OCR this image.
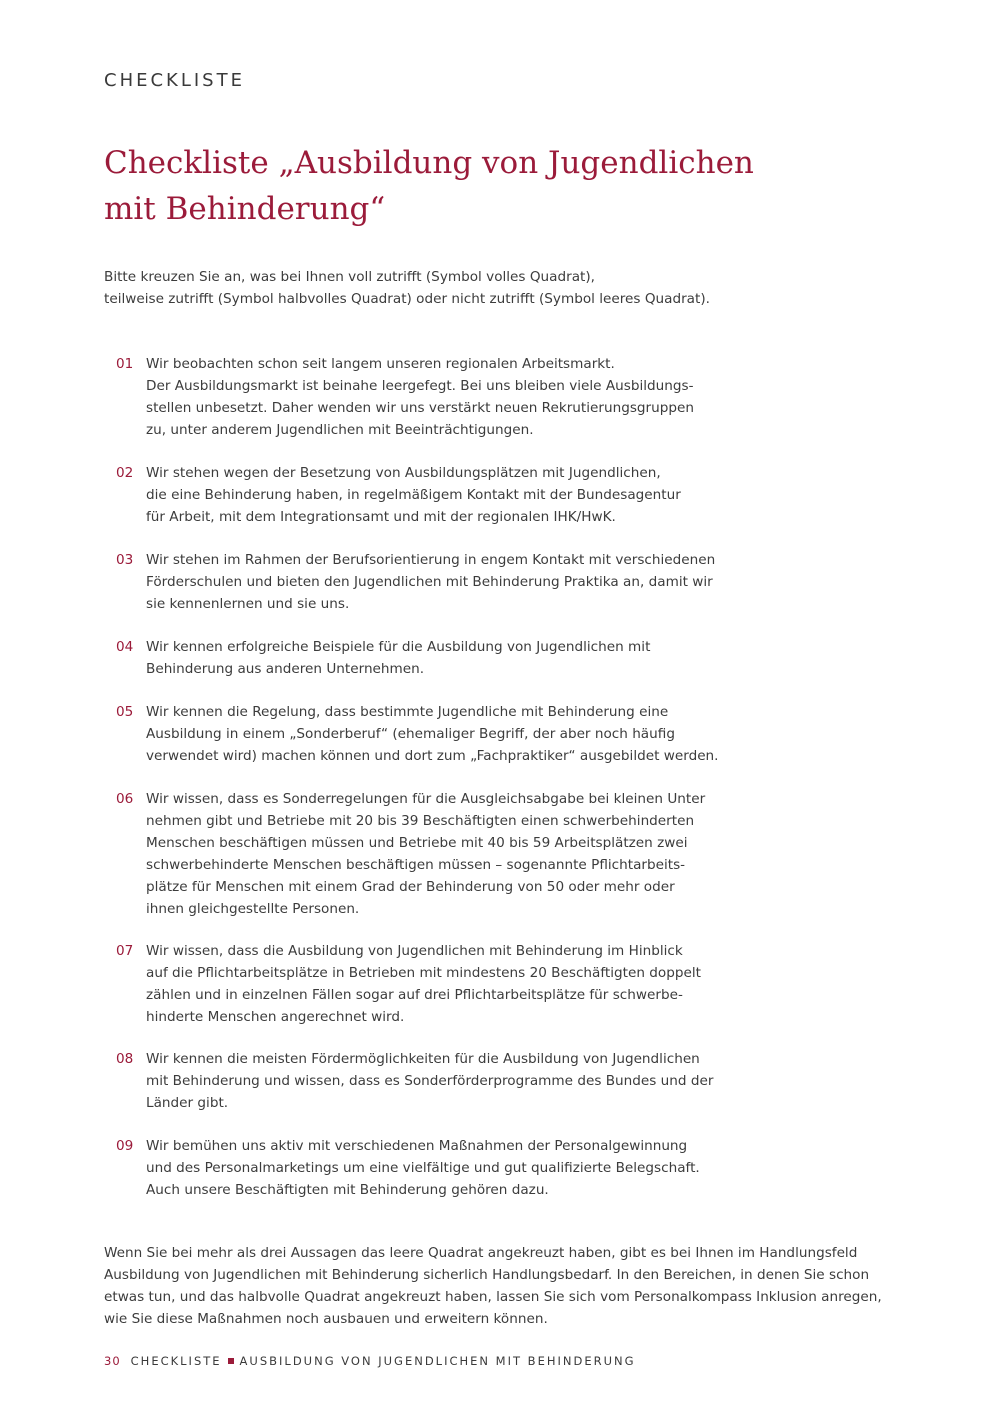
CHECKLISTE
Checkliste „Ausbildung von Jugendlichen
mit Behinderung“

Bitte kreuzen Sie an, was bei Ihnen voll zutrifft (Symbol volles Quadrat),

teilweise zutrifft (Symbol halbvolles Quadrat) oder nicht zutrifft (Symbol leeres Quadrat).

01 Wir beobachten schon seit langem unseren regionalen Arbeitsmarkt.
Der Ausbildungsmarkt ist beinahe leergefegt. Bei uns bleiben viele Ausbildungs-
stellen unbesetzt. Daher wenden wir uns verstärkt neuen Rekrutierungsgruppen
zu, unter anderem Jugendlichen mit Beeinträchtigungen.
02 Wir stehen wegen der Besetzung von Ausbildungsplätzen mit Jugendlichen,
die eine Behinderung haben, in regelmäßigem Kontakt mit der Bundesagentur
für Arbeit, mit dem Integrationsamt und mit der regionalen IHK/HwK.
03 Wir stehen im Rahmen der Berufsorientierung in engem Kontakt mit verschiedenen
Förderschulen und bieten den Jugendlichen mit Behinderung Praktika an, damit wir
sie kennenlernen und sie uns.
04 Wir kennen erfolgreiche Beispiele für die Ausbildung von Jugendlichen mit
Behinderung aus anderen Unternehmen.
05 Wir kennen die Regelung, dass bestimmte Jugendliche mit Behinderung eine
Ausbildung in einem „Sonderberuf“ (ehemaliger Begriff, der aber noch häufig
verwendet wird) machen können und dort zum „Fachpraktiker“ ausgebildet werden.
06 Wir wissen, dass es Sonderregelungen für die Ausgleichsabgabe bei kleinen Unter
nehmen gibt und Betriebe mit 20 bis 39 Beschäftigten einen schwerbehinderten
Menschen beschäftigen müssen und Betriebe mit 40 bis 59 Arbeitsplätzen zwei
schwerbehinderte Menschen beschäftigen müssen – sogenannte Pflichtarbeits-
plätze für Menschen mit einem Grad der Behinderung von 50 oder mehr oder
ihnen gleichgestellte Personen.
07 Wir wissen, dass die Ausbildung von Jugendlichen mit Behinderung im Hinblick
auf die Pflichtarbeitsplätze in Betrieben mit mindestens 20 Beschäftigten doppelt
zählen und in einzelnen Fällen sogar auf drei Pflichtarbeitsplätze für schwerbe-
hinderte Menschen angerechnet wird.
08 Wir kennen die meisten Fördermöglichkeiten für die Ausbildung von Jugendlichen
mit Behinderung und wissen, dass es Sonderförderprogramme des Bundes und der
Länder gibt.
09 Wir bemühen uns aktiv mit verschiedenen Maßnahmen der Personalgewinnung
und des Personalmarketings um eine vielfältige und gut qualifizierte Belegschaft.
Auch unsere Beschäftigten mit Behinderung gehören dazu.

Wenn Sie bei mehr als drei Aussagen das leere Quadrat angekreuzt haben, gibt es bei Ihnen im Handlungsfeld
Ausbildung von Jugendlichen mit Behinderung sicherlich Handlungsbedarf. In den Bereichen, in denen Sie schon
etwas tun, und das halbvolle Quadrat angekreuzt haben, lassen Sie sich vom Personalkompass Inklusion anregen,
wie Sie diese Maßnahmen noch ausbauen und erweitern können.

30 CHECKLISTE AUSBILDUNG VON JUGENDLICHEN MIT BEHINDERUNG
